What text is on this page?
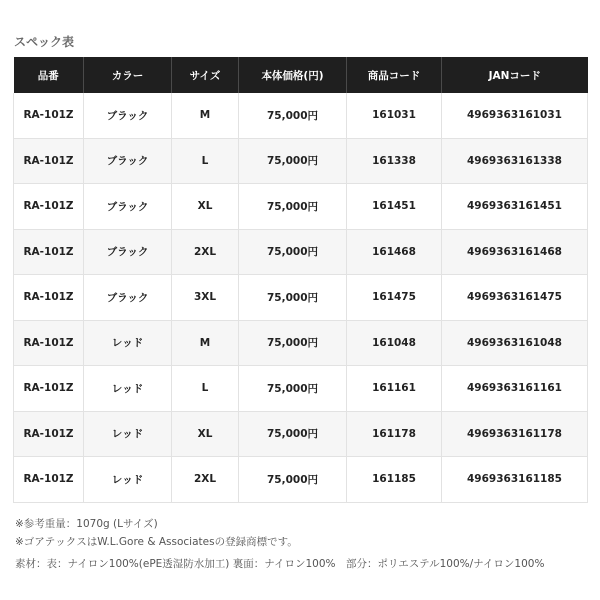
スペック表
品番	カラー	サイズ	本体価格(円)	商品コード	JANコード
RA-101Z	ブラック	M	75,000円	161031	4969363161031
RA-101Z	ブラック	L	75,000円	161338	4969363161338
RA-101Z	ブラック	XL	75,000円	161451	4969363161451
RA-101Z	ブラック	2XL	75,000円	161468	4969363161468
RA-101Z	ブラック	3XL	75,000円	161475	4969363161475
RA-101Z	レッド	M	75,000円	161048	4969363161048
RA-101Z	レッド	L	75,000円	161161	4969363161161
RA-101Z	レッド	XL	75,000円	161178	4969363161178
RA-101Z	レッド	2XL	75,000円	161185	4969363161185

※参考重量：1070g (Lサイズ)

※ゴアテックスはW.L.Gore & Associatesの登録商標です。

素材：表：ナイロン100%(ePE透湿防水加工) 裏面：ナイロン100%　部分：ポリエステル100%/ナイロン100%
